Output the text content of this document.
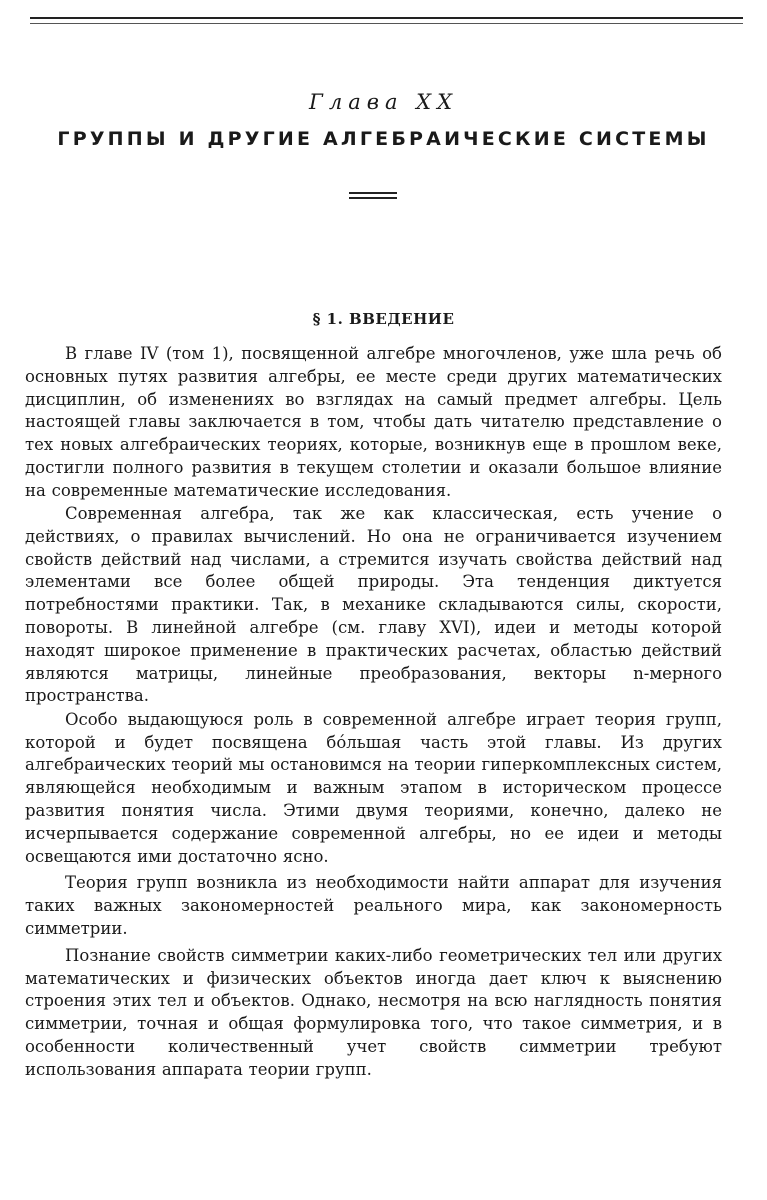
Глава XX
ГРУППЫ И ДРУГИЕ АЛГЕБРАИЧЕСКИЕ СИСТЕМЫ
§ 1. ВВЕДЕНИЕ

В главе IV (том 1), посвященной алгебре многочленов, уже шла речь об основных путях развития алгебры, ее месте среди других математических дисциплин, об изменениях во взглядах на самый предмет алгебры. Цель настоящей главы заключается в том, чтобы дать читателю представление о тех новых алгебраических теориях, которые, возникнув еще в прошлом веке, достигли полного развития в текущем столетии и оказали большое влияние на современные математические исследования.

Современная алгебра, так же как классическая, есть учение о действиях, о правилах вычислений. Но она не ограничивается изучением свойств действий над числами, а стремится изучать свойства действий над элементами все более общей природы. Эта тенденция диктуется потребностями практики. Так, в механике складываются силы, скорости, повороты. В линейной алгебре (см. главу XVI), идеи и методы которой находят широкое применение в практических расчетах, областью действий являются матрицы, линейные преобразования, векторы n-мерного пространства.

Особо выдающуюся роль в современной алгебре играет теория групп, которой и будет посвящена бóльшая часть этой главы. Из других алгебраических теорий мы остановимся на теории гиперкомплексных систем, являющейся необходимым и важным этапом в историческом процессе развития понятия числа. Этими двумя теориями, конечно, далеко не исчерпывается содержание современной алгебры, но ее идеи и методы освещаются ими достаточно ясно.

Теория групп возникла из необходимости найти аппарат для изучения таких важных закономерностей реального мира, как закономерность симметрии.

Познание свойств симметрии каких-либо геометрических тел или других математических и физических объектов иногда дает ключ к выяснению строения этих тел и объектов. Однако, несмотря на всю наглядность понятия симметрии, точная и общая формулировка того, что такое симметрия, и в особенности количественный учет свойств симметрии требуют использования аппарата теории групп.
